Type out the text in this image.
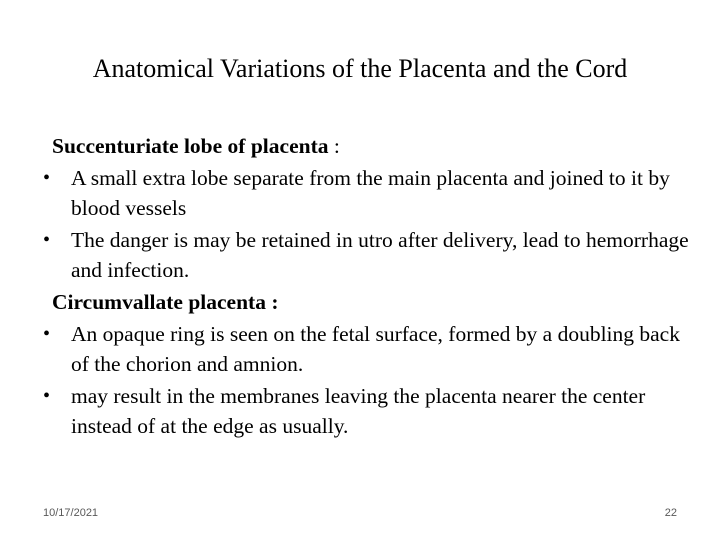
Anatomical Variations of the Placenta and the Cord
Succenturiate lobe of placenta :
• A small extra lobe separate from the main placenta and joined to it by blood vessels
• The danger is may be retained in utro after delivery, lead to hemorrhage and infection.
Circumvallate placenta :
• An opaque ring is seen on the fetal surface, formed by a doubling back of the chorion and amnion.
• may result in the membranes leaving the placenta nearer the center instead of at the edge as usually.
10/17/2021	22
